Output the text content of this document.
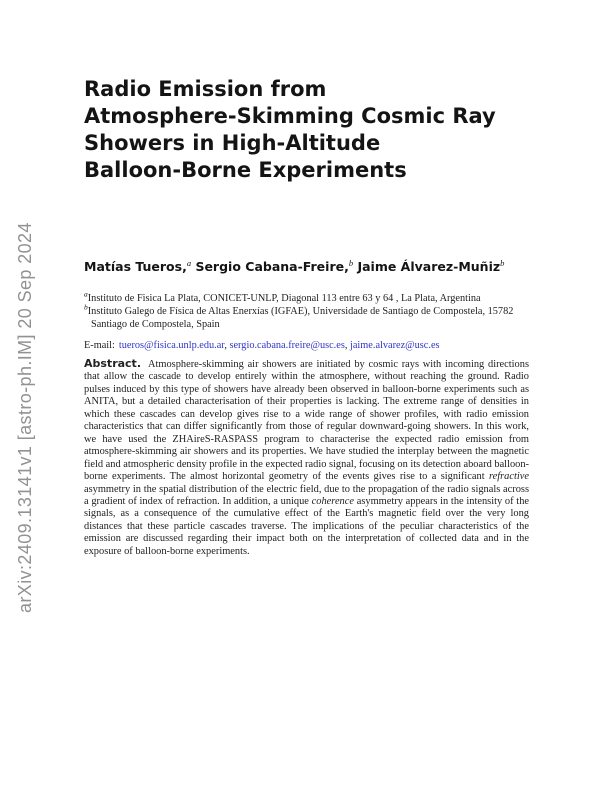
arXiv:2409.13141v1 [astro-ph.IM] 20 Sep 2024
Radio Emission from
Atmosphere-Skimming Cosmic Ray
Showers in High-Altitude
Balloon-Borne Experiments
Matías Tueros,$^a$ Sergio Cabana-Freire,$^b$ Jaime Álvarez-Muñiz$^b$
$^a$Instituto de Fisica La Plata, CONICET-UNLP, Diagonal 113 entre 63 y 64 , La Plata, Argentina
$^b$Instituto Galego de Física de Altas Enerxías (IGFAE), Universidade de Santiago de Compostela, 15782 Santiago de Compostela, Spain
E-mail: tueros@fisica.unlp.edu.ar, sergio.cabana.freire@usc.es, jaime.alvarez@usc.es

Abstract. Atmosphere-skimming air showers are initiated by cosmic rays with incoming directions that allow the cascade to develop entirely within the atmosphere, without reaching the ground. Radio pulses induced by this type of showers have already been observed in balloon-borne experiments such as ANITA, but a detailed characterisation of their properties is lacking. The extreme range of densities in which these cascades can develop gives rise to a wide range of shower profiles, with radio emission characteristics that can differ significantly from those of regular downward-going showers. In this work, we have used the ZHAireS-RASPASS program to characterise the expected radio emission from atmosphere-skimming air showers and its properties. We have studied the interplay between the magnetic field and atmospheric density profile in the expected radio signal, focusing on its detection aboard balloon-borne experiments. The almost horizontal geometry of the events gives rise to a significant refractive asymmetry in the spatial distribution of the electric field, due to the propagation of the radio signals across a gradient of index of refraction. In addition, a unique coherence asymmetry appears in the intensity of the signals, as a consequence of the cumulative effect of the Earth's magnetic field over the very long distances that these particle cascades traverse. The implications of the peculiar characteristics of the emission are discussed regarding their impact both on the interpretation of collected data and in the exposure of balloon-borne experiments.
